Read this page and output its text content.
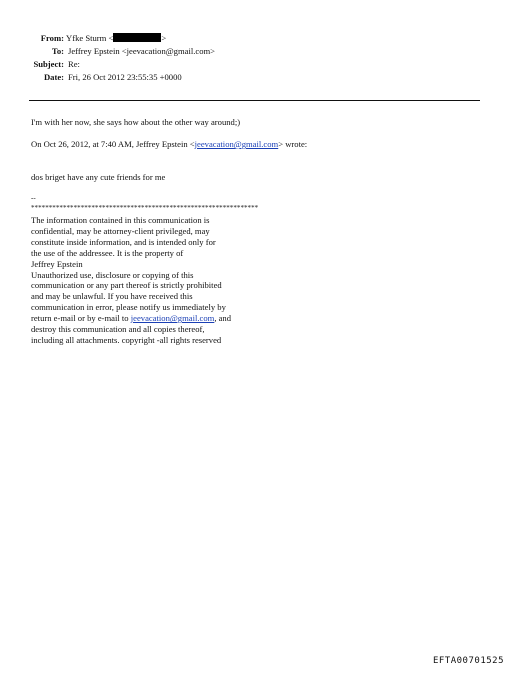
From: Yfke Sturm <	>
To: Jeffrey Epstein <jeevacation@gmail.com>
Subject: Re:
Date: Fri, 26 Oct 2012 23:55:35 +0000
I'm with her now, she says how about the other way around;)
On Oct 26, 2012, at 7:40 AM, Jeffrey Epstein <jeevacation@gmail.com> wrote:
dos briget have any cute friends for me
--
****************************************************************
The information contained in this communication is
confidential, may be attorney-client privileged, may
constitute inside information, and is intended only for
the use of the addressee. It is the property of
Jeffrey Epstein
Unauthorized use, disclosure or copying of this
communication or any part thereof is strictly prohibited
and may be unlawful. If you have received this
communication in error, please notify us immediately by
return e-mail or by e-mail to jeevacation@gmail.com, and
destroy this communication and all copies thereof,
including all attachments. copyright -all rights reserved
EFTA00701525
